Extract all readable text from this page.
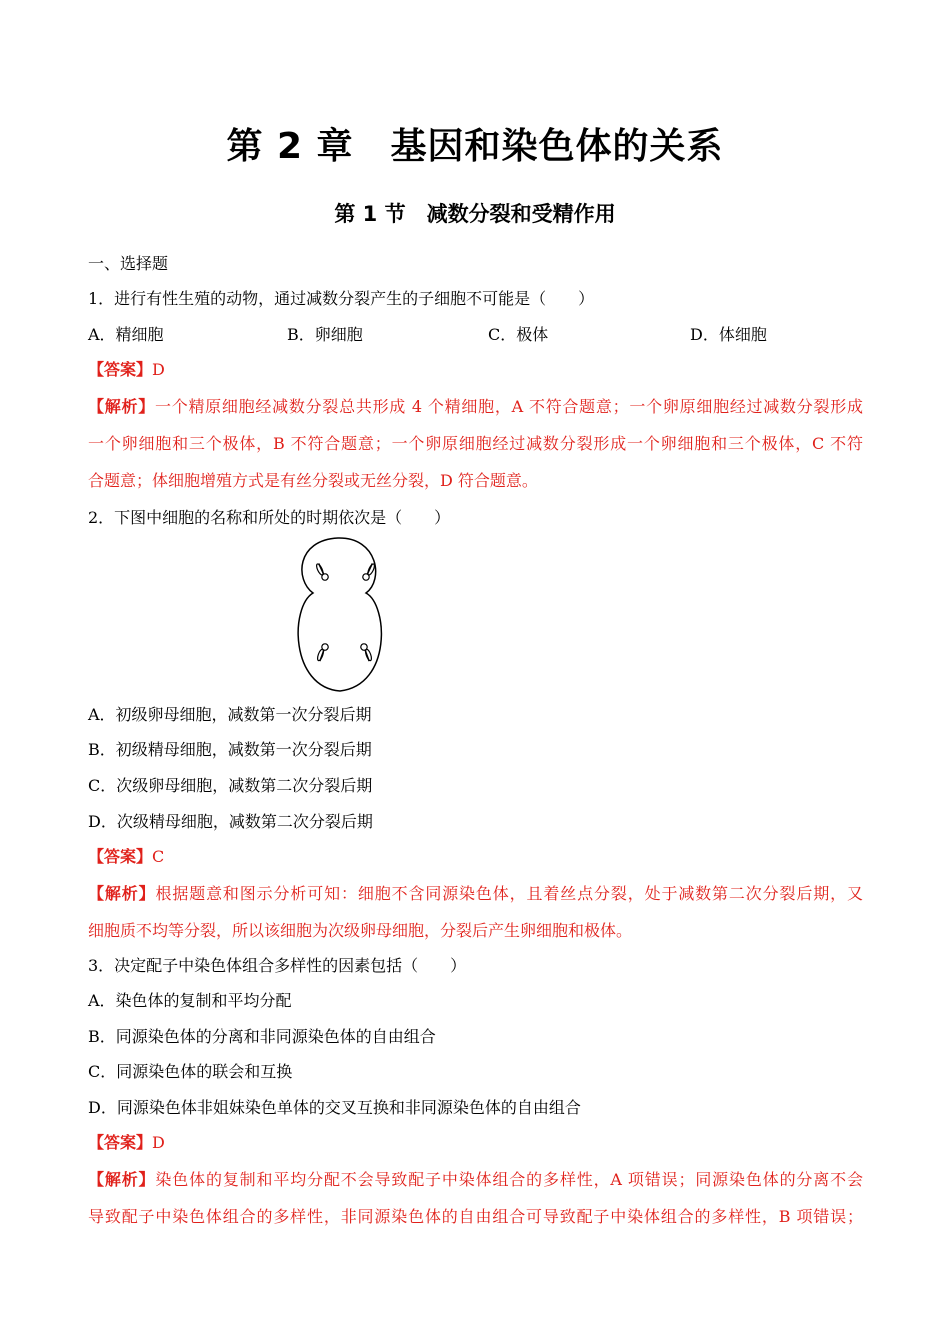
第 2 章　基因和染色体的关系
第 1 节　减数分裂和受精作用
一、选择题
1．进行有性生殖的动物，通过减数分裂产生的子细胞不可能是（　　）
A．精细胞	B．卵细胞	C．极体	D．体细胞
【答案】D
【解析】一个精原细胞经减数分裂总共形成 4 个精细胞，A 不符合题意；一个卵原细胞经过减数分裂形成
一个卵细胞和三个极体，B 不符合题意；一个卵原细胞经过减数分裂形成一个卵细胞和三个极体，C 不符
合题意；体细胞增殖方式是有丝分裂或无丝分裂，D 符合题意。
2．下图中细胞的名称和所处的时期依次是（　　）
A．初级卵母细胞，减数第一次分裂后期
B．初级精母细胞，减数第一次分裂后期
C．次级卵母细胞，减数第二次分裂后期
D．次级精母细胞，减数第二次分裂后期
【答案】C
【解析】根据题意和图示分析可知：细胞不含同源染色体，且着丝点分裂，处于减数第二次分裂后期，又
细胞质不均等分裂，所以该细胞为次级卵母细胞，分裂后产生卵细胞和极体。
3．决定配子中染色体组合多样性的因素包括（　　）
A．染色体的复制和平均分配
B．同源染色体的分离和非同源染色体的自由组合
C．同源染色体的联会和互换
D．同源染色体非姐妹染色单体的交叉互换和非同源染色体的自由组合
【答案】D
【解析】染色体的复制和平均分配不会导致配子中染体组合的多样性，A 项错误；同源染色体的分离不会
导致配子中染色体组合的多样性，非同源染色体的自由组合可导致配子中染体组合的多样性，B 项错误；
